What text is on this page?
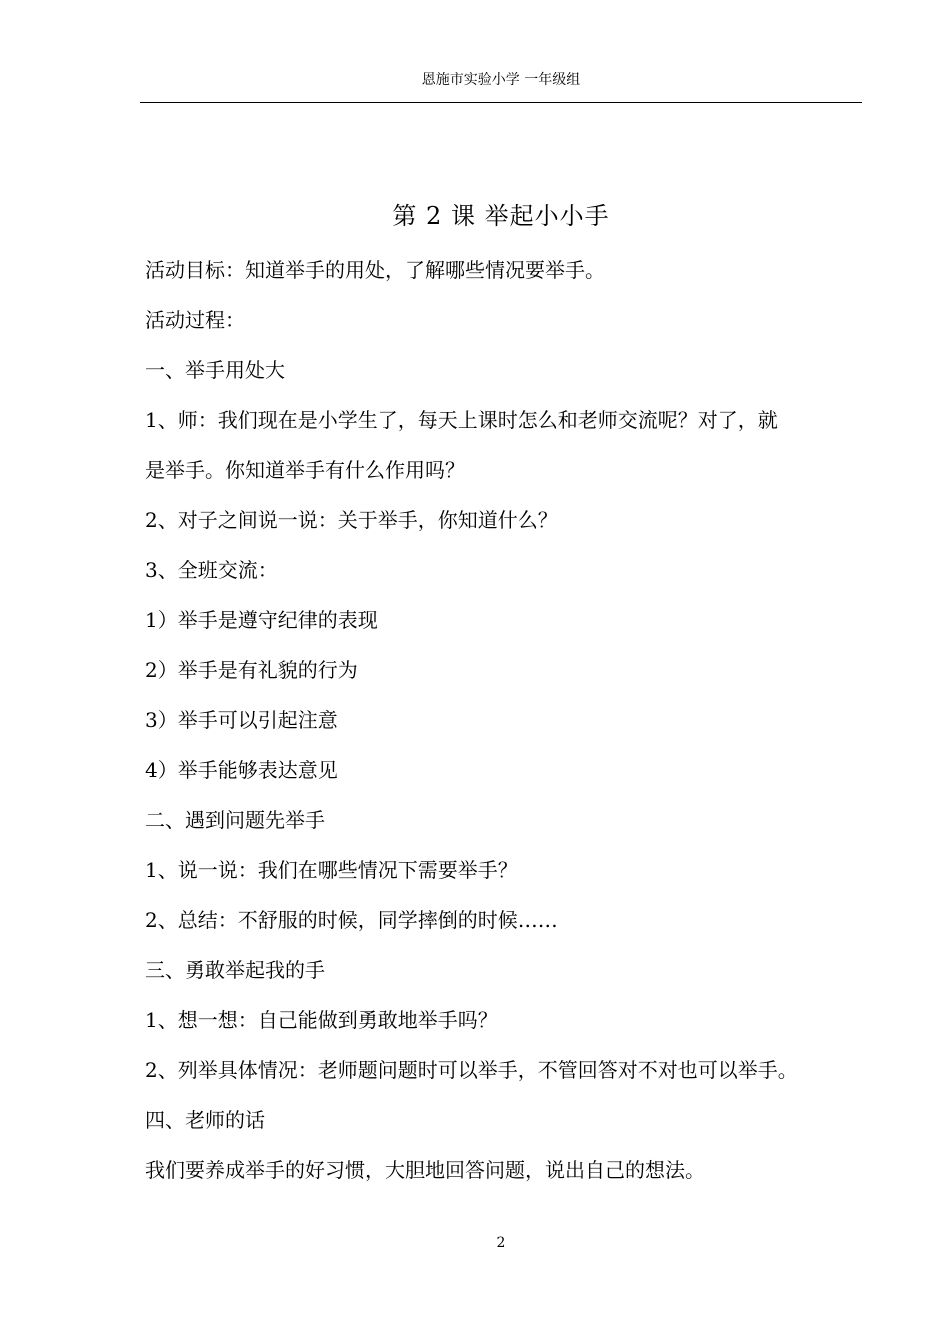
恩施市实验小学 一年级组
第 2 课 举起小小手

活动目标：知道举手的用处，了解哪些情况要举手。

活动过程：

一、举手用处大

1、师：我们现在是小学生了，每天上课时怎么和老师交流呢？对了，就

是举手。你知道举手有什么作用吗？

2、对子之间说一说：关于举手，你知道什么？

3、全班交流：

1）举手是遵守纪律的表现

2）举手是有礼貌的行为

3）举手可以引起注意

4）举手能够表达意见

二、遇到问题先举手

1、说一说：我们在哪些情况下需要举手？

2、总结：不舒服的时候，同学摔倒的时候……

三、勇敢举起我的手

1、想一想：自己能做到勇敢地举手吗？

2、列举具体情况：老师题问题时可以举手，不管回答对不对也可以举手。

四、老师的话

我们要养成举手的好习惯，大胆地回答问题，说出自己的想法。

2
